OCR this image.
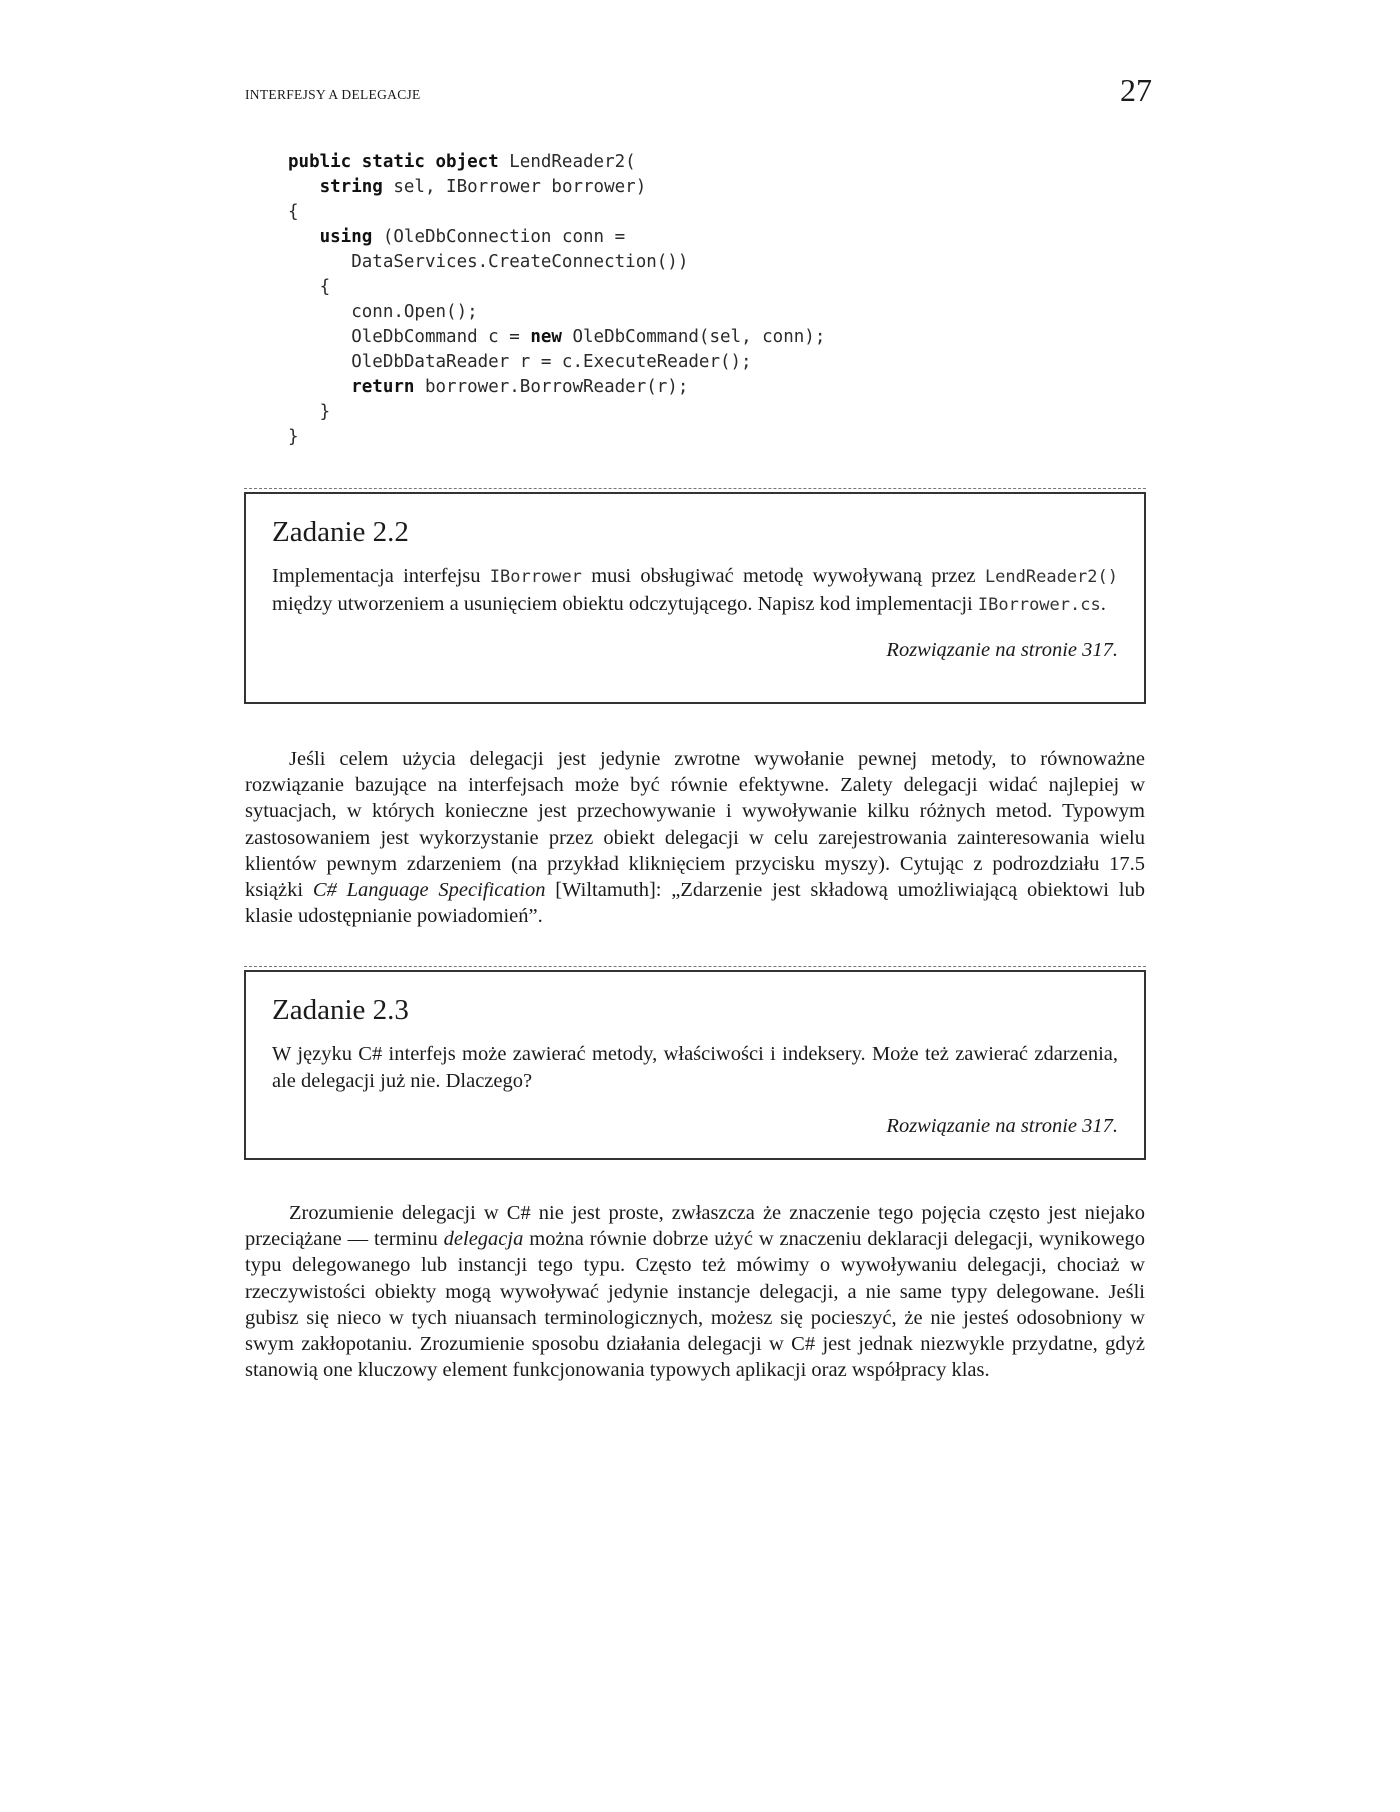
INTERFEJSY A DELEGACJE	27
public static object LendReader2(
string sel, IBorrower borrower)
{
using (OleDbConnection conn =
DataServices.CreateConnection())
{
conn.Open();
OleDbCommand c = new OleDbCommand(sel, conn);
OleDbDataReader r = c.ExecuteReader();
return borrower.BorrowReader(r);
}
}
Zadanie 2.2

Implementacja interfejsu IBorrower musi obsługiwać metodę wywoływaną przez LendReader2() między utworzeniem a usunięciem obiektu odczytującego. Napisz kod implementacji IBorrower.cs.

Rozwiązanie na stronie 317.

Jeśli celem użycia delegacji jest jedynie zwrotne wywołanie pewnej metody, to równoważne rozwiązanie bazujące na interfejsach może być równie efektywne. Zalety delegacji widać najlepiej w sytuacjach, w których konieczne jest przechowywanie i wywoływanie kilku różnych metod. Typowym zastosowaniem jest wykorzystanie przez obiekt delegacji w celu zarejestrowania zainteresowania wielu klientów pewnym zdarzeniem (na przykład kliknięciem przycisku myszy). Cytując z podrozdziału 17.5 książki C# Language Specification [Wiltamuth]: „Zdarzenie jest składową umożliwiającą obiektowi lub klasie udostępnianie powiadomień”.

Zadanie 2.3

W języku C# interfejs może zawierać metody, właściwości i indeksery. Może też zawierać zdarzenia, ale delegacji już nie. Dlaczego?

Rozwiązanie na stronie 317.

Zrozumienie delegacji w C# nie jest proste, zwłaszcza że znaczenie tego pojęcia często jest niejako przeciążane — terminu delegacja można równie dobrze użyć w znaczeniu deklaracji delegacji, wynikowego typu delegowanego lub instancji tego typu. Często też mówimy o wywoływaniu delegacji, chociaż w rzeczywistości obiekty mogą wywoływać jedynie instancje delegacji, a nie same typy delegowane. Jeśli gubisz się nieco w tych niuansach terminologicznych, możesz się pocieszyć, że nie jesteś odosobniony w swym zakłopotaniu. Zrozumienie sposobu działania delegacji w C# jest jednak niezwykle przydatne, gdyż stanowią one kluczowy element funkcjonowania typowych aplikacji oraz współpracy klas.
